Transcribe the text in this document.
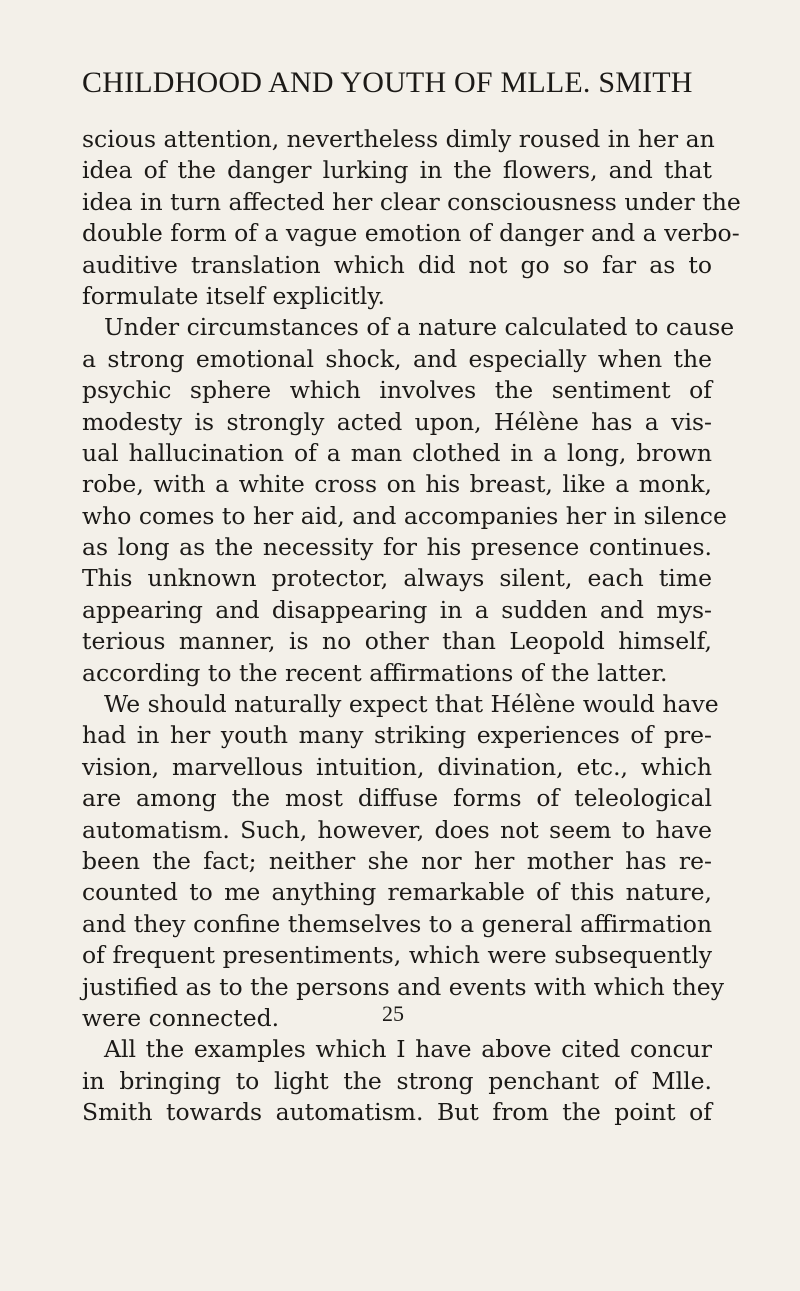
CHILDHOOD AND YOUTH OF MLLE. SMITH
scious attention, nevertheless dimly roused in her an
idea of the danger lurking in the flowers, and that
idea in turn affected her clear consciousness under the
double form of a vague emotion of danger and a verbo-
auditive translation which did not go so far as to
formulate itself explicitly.
Under circumstances of a nature calculated to cause
a strong emotional shock, and especially when the
psychic sphere which involves the sentiment of
modesty is strongly acted upon, Hélène has a vis-
ual hallucination of a man clothed in a long, brown
robe, with a white cross on his breast, like a monk,
who comes to her aid, and accompanies her in silence
as long as the necessity for his presence continues.
This unknown protector, always silent, each time
appearing and disappearing in a sudden and mys-
terious manner, is no other than Leopold himself,
according to the recent affirmations of the latter.
We should naturally expect that Hélène would have
had in her youth many striking experiences of pre-
vision, marvellous intuition, divination, etc., which
are among the most diffuse forms of teleological
automatism. Such, however, does not seem to have
been the fact; neither she nor her mother has re-
counted to me anything remarkable of this nature,
and they confine themselves to a general affirmation
of frequent presentiments, which were subsequently
justified as to the persons and events with which they
were connected.
All the examples which I have above cited concur
in bringing to light the strong penchant of Mlle.
Smith towards automatism. But from the point of
25
